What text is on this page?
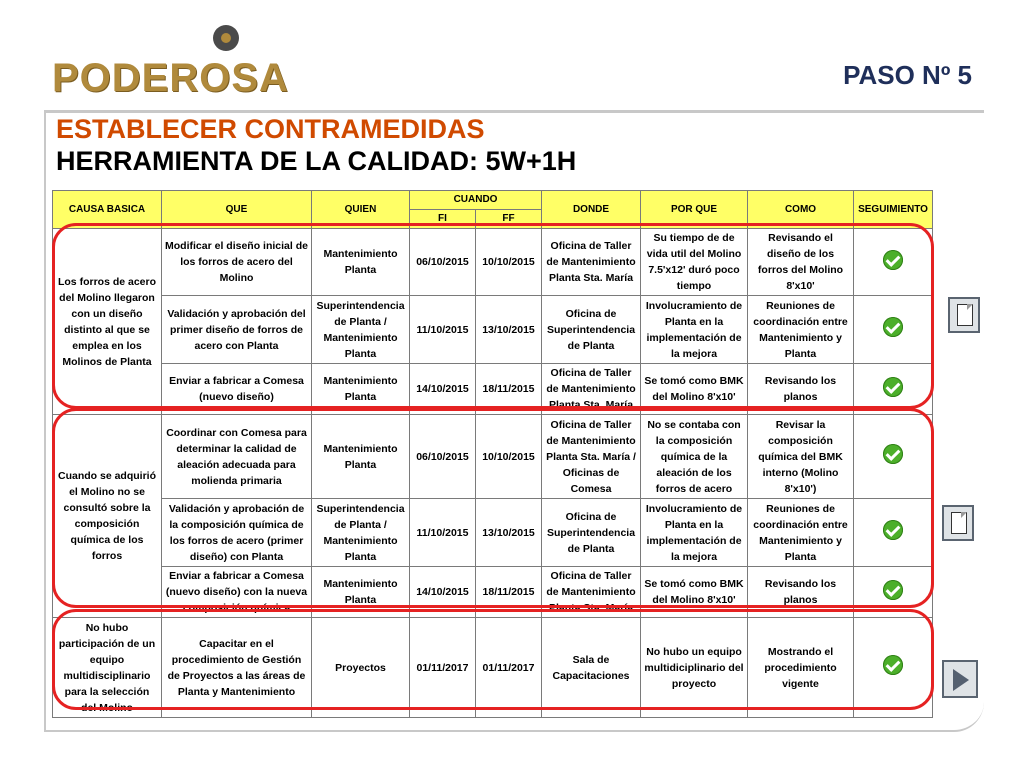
PODEROSA	PASO Nº 5
ESTABLECER CONTRAMEDIDAS
HERRAMIENTA DE LA CALIDAD: 5W+1H
CAUSA BASICA	QUE	QUIEN	CUANDO		DONDE	POR QUE	COMO	SEGUIMIENTO
			FI	FF				
Los forros de acero del Molino llegaron con un diseño distinto al que se emplea en los Molinos de Planta	Modificar el diseño inicial de los forros de acero del Molino	Mantenimiento Planta	06/10/2015	10/10/2015	Oficina de Taller de Mantenimiento Planta Sta. María	Su tiempo de de vida util del Molino 7.5'x12' duró poco tiempo	Revisando el diseño de los forros del Molino 8'x10'	
	Validación y aprobación del primer diseño de forros de acero con Planta	Superintendencia de Planta / Mantenimiento Planta	11/10/2015	13/10/2015	Oficina de Superintendencia de Planta	Involucramiento de Planta en la implementación de la mejora	Reuniones de coordinación entre Mantenimiento y Planta	
	Enviar a fabricar a Comesa (nuevo diseño)	Mantenimiento Planta	14/10/2015	18/11/2015	Oficina de Taller de Mantenimiento Planta Sta. María	Se tomó como BMK del Molino 8'x10'	Revisando los planos	
Cuando se adquirió el Molino no se consultó sobre la composición química de los forros	Coordinar con Comesa para determinar la calidad de aleación adecuada para molienda primaria	Mantenimiento Planta	06/10/2015	10/10/2015	Oficina de Taller de Mantenimiento Planta Sta. María / Oficinas de Comesa	No se contaba con la composición química de la aleación de los forros de acero	Revisar la composición química del BMK interno (Molino 8'x10')	
	Validación y aprobación de la composición química de los forros de acero (primer diseño) con Planta	Superintendencia de Planta / Mantenimiento Planta	11/10/2015	13/10/2015	Oficina de Superintendencia de Planta	Involucramiento de Planta en la implementación de la mejora	Reuniones de coordinación entre Mantenimiento y Planta	
	Enviar a fabricar a Comesa (nuevo diseño) con la nueva composición química	Mantenimiento Planta	14/10/2015	18/11/2015	Oficina de Taller de Mantenimiento Planta Sta. María	Se tomó como BMK del Molino 8'x10'	Revisando los planos	
No hubo participación de un equipo multidisciplinario para la selección del Molino	Capacitar en el procedimiento de Gestión de Proyectos a las áreas de Planta y Mantenimiento	Proyectos	01/11/2017	01/11/2017	Sala de Capacitaciones	No hubo un equipo multidiciplinario del proyecto	Mostrando el procedimiento vigente	
